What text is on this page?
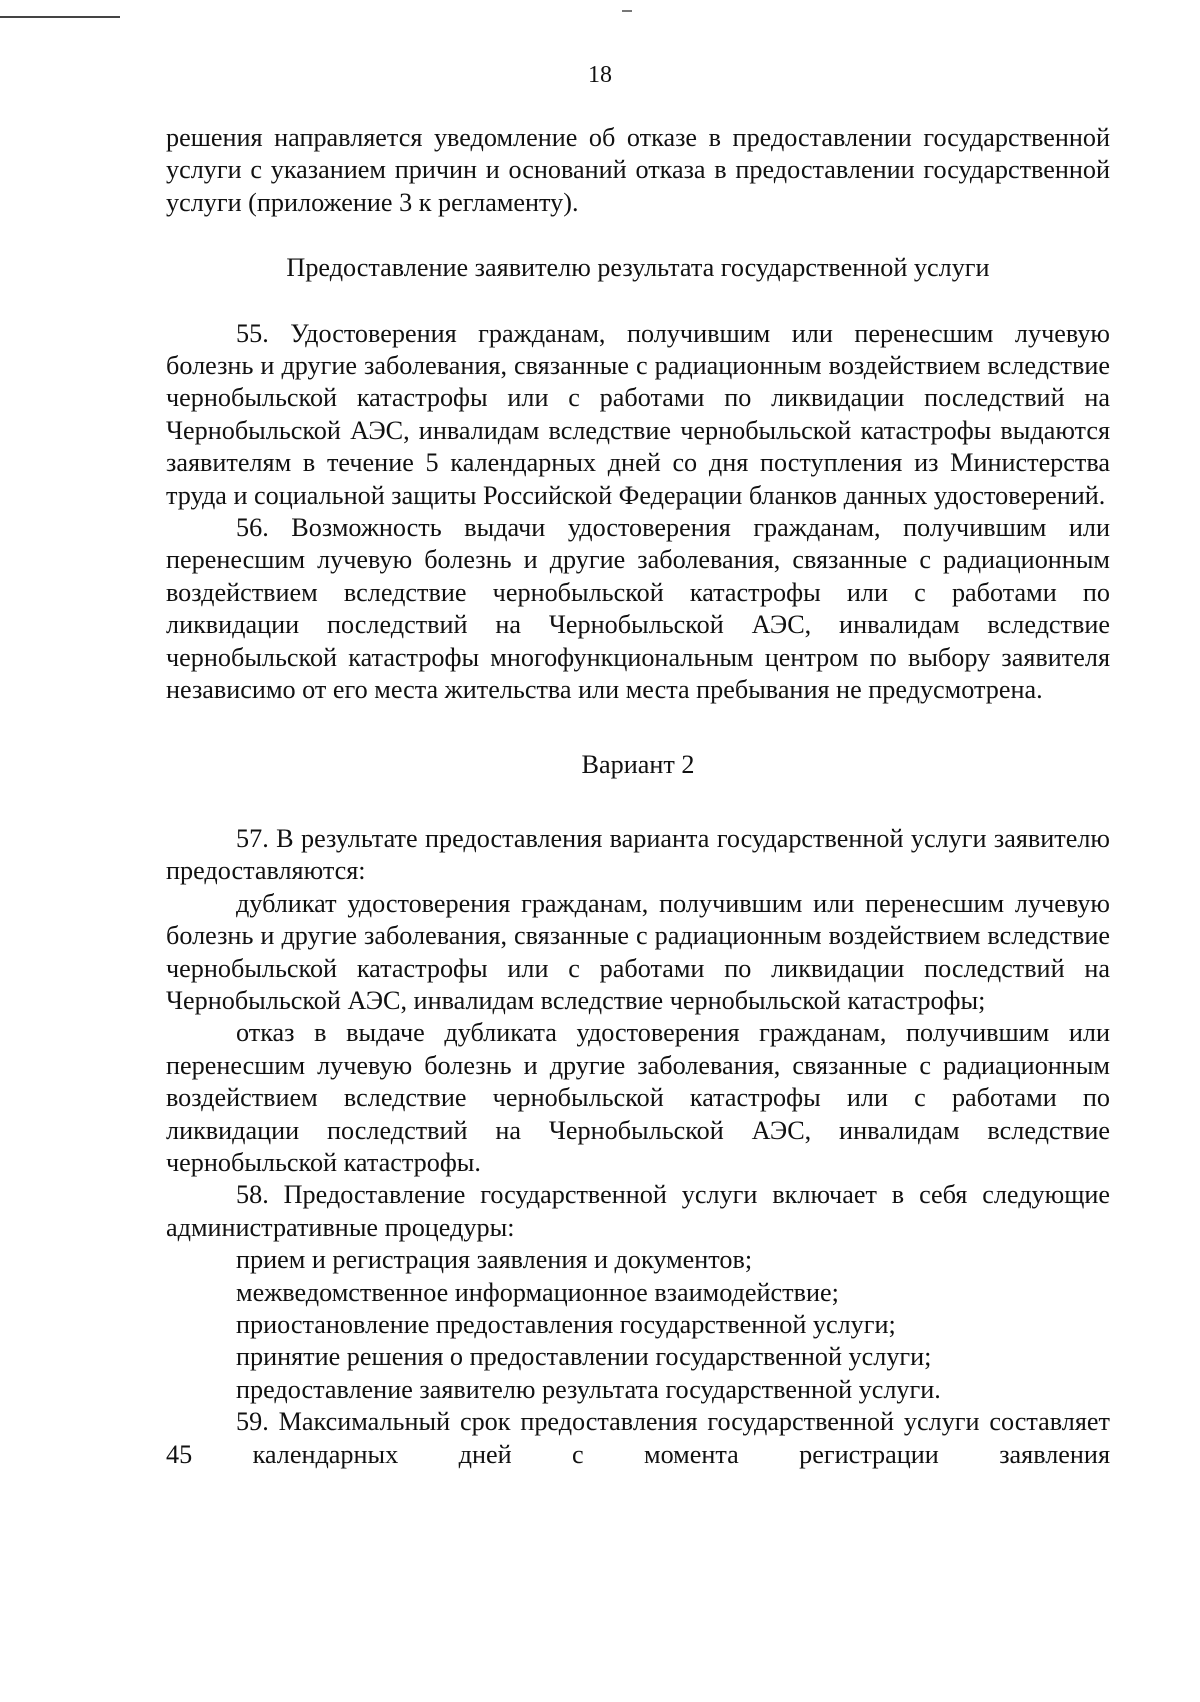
18

решения направляется уведомление об отказе в предоставлении государственной услуги с указанием причин и оснований отказа в предоставлении государственной услуги (приложение 3 к регламенту).

Предоставление заявителю результата государственной услуги

55. Удостоверения гражданам, получившим или перенесшим лучевую болезнь и другие заболевания, связанные с радиационным воздействием вследствие чернобыльской катастрофы или с работами по ликвидации последствий на Чернобыльской АЭС, инвалидам вследствие чернобыльской катастрофы выдаются заявителям в течение 5 календарных дней со дня поступления из Министерства труда и социальной защиты Российской Федерации бланков данных удостоверений.

56. Возможность выдачи удостоверения гражданам, получившим или перенесшим лучевую болезнь и другие заболевания, связанные с радиационным воздействием вследствие чернобыльской катастрофы или с работами по ликвидации последствий на Чернобыльской АЭС, инвалидам вследствие чернобыльской катастрофы многофункциональным центром по выбору заявителя независимо от его места жительства или места пребывания не предусмотрена.

Вариант 2

57. В результате предоставления варианта государственной услуги заявителю предоставляются:

дубликат удостоверения гражданам, получившим или перенесшим лучевую болезнь и другие заболевания, связанные с радиационным воздействием вследствие чернобыльской катастрофы или с работами по ликвидации последствий на Чернобыльской АЭС, инвалидам вследствие чернобыльской катастрофы;

отказ в выдаче дубликата удостоверения гражданам, получившим или перенесшим лучевую болезнь и другие заболевания, связанные с радиационным воздействием вследствие чернобыльской катастрофы или с работами по ликвидации последствий на Чернобыльской АЭС, инвалидам вследствие чернобыльской катастрофы.

58. Предоставление государственной услуги включает в себя следующие административные процедуры:

прием и регистрация заявления и документов;

межведомственное информационное взаимодействие;

приостановление предоставления государственной услуги;

принятие решения о предоставлении государственной услуги;

предоставление заявителю результата государственной услуги.

59. Максимальный срок предоставления государственной услуги составляет 45 календарных дней с момента регистрации заявления
